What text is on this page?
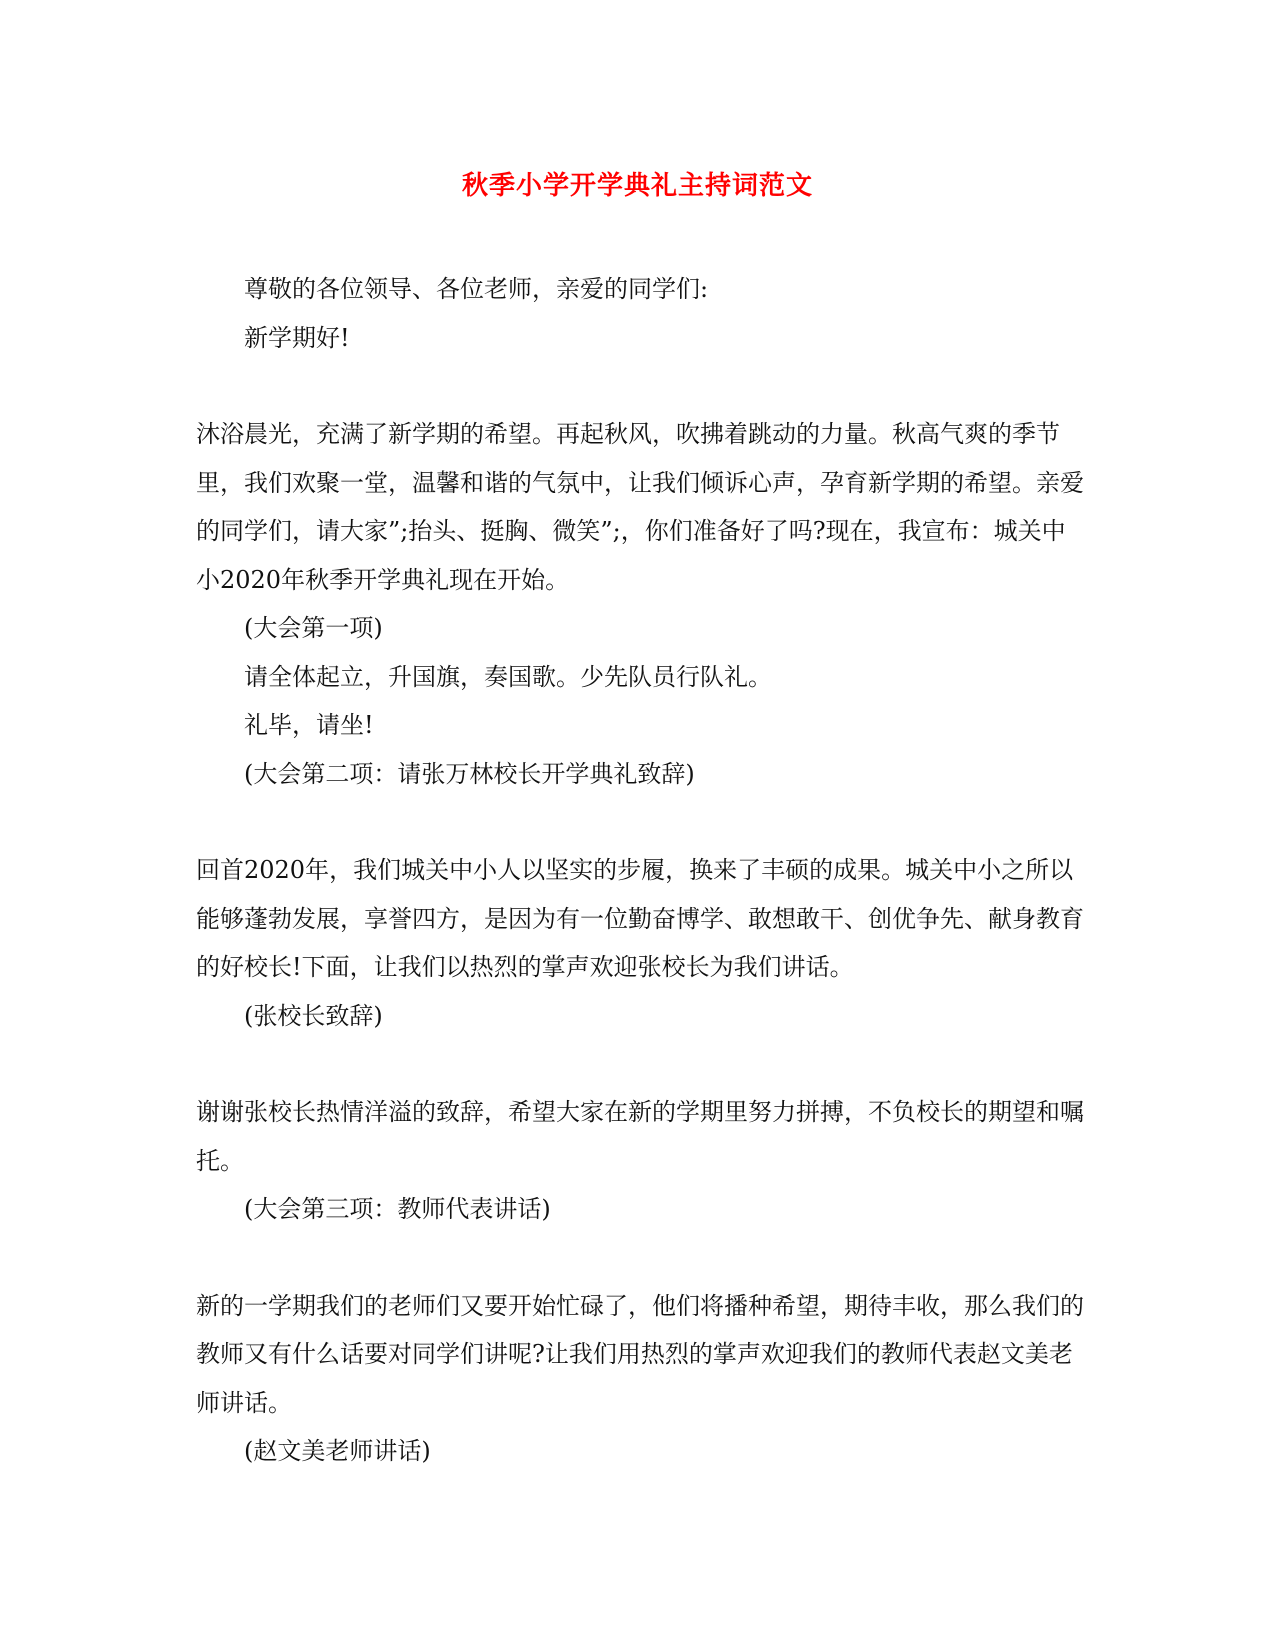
秋季小学开学典礼主持词范文

尊敬的各位领导、各位老师，亲爱的同学们:

新学期好!

沐浴晨光，充满了新学期的希望。再起秋风，吹拂着跳动的力量。秋高气爽的季节里，我们欢聚一堂，温馨和谐的气氛中，让我们倾诉心声，孕育新学期的希望。亲爱的同学们，请大家”;抬头、挺胸、微笑”;，你们准备好了吗?现在，我宣布：城关中小2020年秋季开学典礼现在开始。

(大会第一项)

请全体起立，升国旗，奏国歌。少先队员行队礼。

礼毕，请坐!

(大会第二项：请张万林校长开学典礼致辞)

回首2020年，我们城关中小人以坚实的步履，换来了丰硕的成果。城关中小之所以能够蓬勃发展，享誉四方，是因为有一位勤奋博学、敢想敢干、创优争先、献身教育的好校长!下面，让我们以热烈的掌声欢迎张校长为我们讲话。

(张校长致辞)

谢谢张校长热情洋溢的致辞，希望大家在新的学期里努力拼搏，不负校长的期望和嘱托。

(大会第三项：教师代表讲话)

新的一学期我们的老师们又要开始忙碌了，他们将播种希望，期待丰收，那么我们的教师又有什么话要对同学们讲呢?让我们用热烈的掌声欢迎我们的教师代表赵文美老师讲话。

(赵文美老师讲话)
